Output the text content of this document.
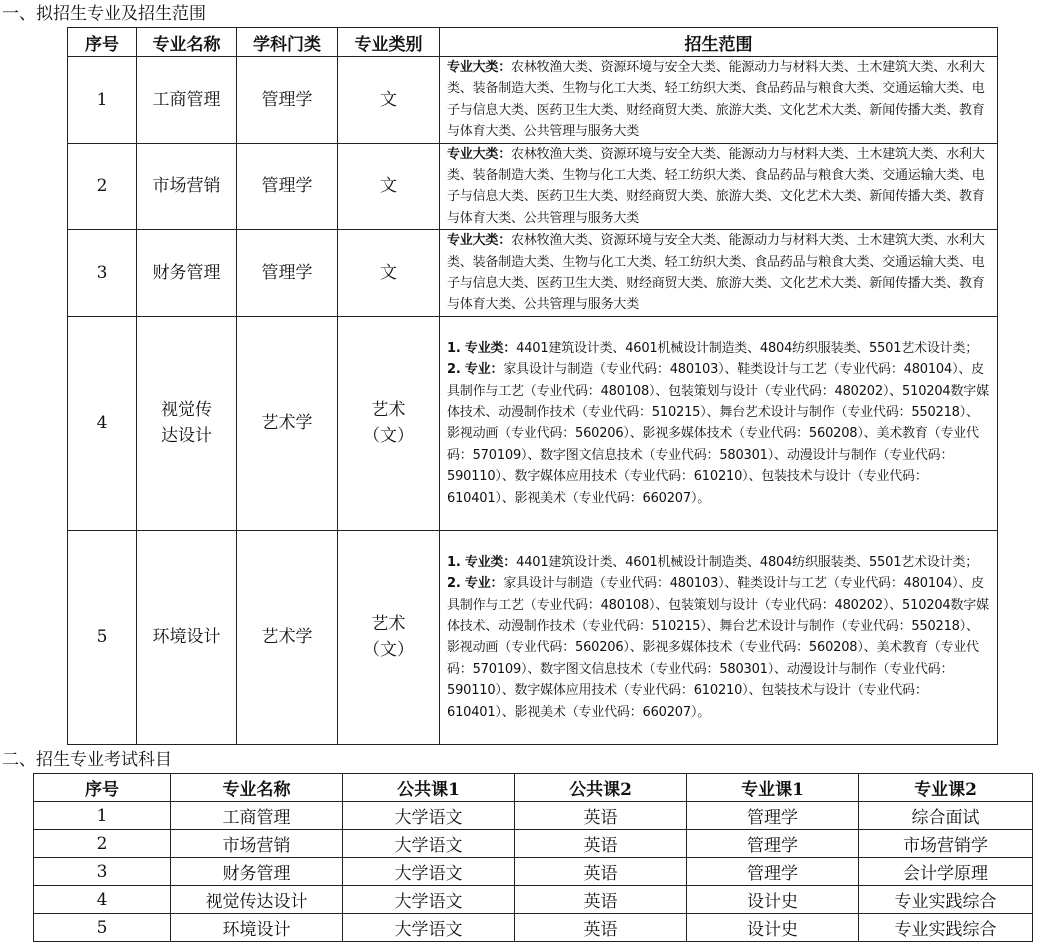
一、拟招生专业及招生范围
序号	专业名称	学科门类	专业类别	招生范围
1	工商管理	管理学	文	专业大类：农林牧渔大类、资源环境与安全大类、能源动力与材料大类、土木建筑大类、水利大类、装备制造大类、生物与化工大类、轻工纺织大类、食品药品与粮食大类、交通运输大类、电子与信息大类、医药卫生大类、财经商贸大类、旅游大类、文化艺术大类、新闻传播大类、教育与体育大类、公共管理与服务大类
2	市场营销	管理学	文	专业大类：农林牧渔大类、资源环境与安全大类、能源动力与材料大类、土木建筑大类、水利大类、装备制造大类、生物与化工大类、轻工纺织大类、食品药品与粮食大类、交通运输大类、电子与信息大类、医药卫生大类、财经商贸大类、旅游大类、文化艺术大类、新闻传播大类、教育与体育大类、公共管理与服务大类
3	财务管理	管理学	文	专业大类：农林牧渔大类、资源环境与安全大类、能源动力与材料大类、土木建筑大类、水利大类、装备制造大类、生物与化工大类、轻工纺织大类、食品药品与粮食大类、交通运输大类、电子与信息大类、医药卫生大类、财经商贸大类、旅游大类、文化艺术大类、新闻传播大类、教育与体育大类、公共管理与服务大类
4	视觉传达设计	艺术学	艺术（文）	1. 专业类：4401建筑设计类、4601机械设计制造类、4804纺织服装类、5501艺术设计类；
2. 专业：家具设计与制造（专业代码：480103）、鞋类设计与工艺（专业代码：480104）、皮具制作与工艺（专业代码：480108）、包装策划与设计（专业代码：480202）、510204数字媒体技术、动漫制作技术（专业代码：510215）、舞台艺术设计与制作（专业代码：550218）、影视动画（专业代码：560206）、影视多媒体技术（专业代码：560208）、美术教育（专业代码：570109）、数字图文信息技术（专业代码：580301）、动漫设计与制作（专业代码：590110）、数字媒体应用技术（专业代码：610210）、包装技术与设计（专业代码：610401）、影视美术（专业代码：660207）。
5	环境设计	艺术学	艺术（文）	1. 专业类：4401建筑设计类、4601机械设计制造类、4804纺织服装类、5501艺术设计类；
2. 专业：家具设计与制造（专业代码：480103）、鞋类设计与工艺（专业代码：480104）、皮具制作与工艺（专业代码：480108）、包装策划与设计（专业代码：480202）、510204数字媒体技术、动漫制作技术（专业代码：510215）、舞台艺术设计与制作（专业代码：550218）、影视动画（专业代码：560206）、影视多媒体技术（专业代码：560208）、美术教育（专业代码：570109）、数字图文信息技术（专业代码：580301）、动漫设计与制作（专业代码：590110）、数字媒体应用技术（专业代码：610210）、包装技术与设计（专业代码：610401）、影视美术（专业代码：660207）。
二、招生专业考试科目
序号	专业名称	公共课1	公共课2	专业课1	专业课2
1	工商管理	大学语文	英语	管理学	综合面试
2	市场营销	大学语文	英语	管理学	市场营销学
3	财务管理	大学语文	英语	管理学	会计学原理
4	视觉传达设计	大学语文	英语	设计史	专业实践综合
5	环境设计	大学语文	英语	设计史	专业实践综合
